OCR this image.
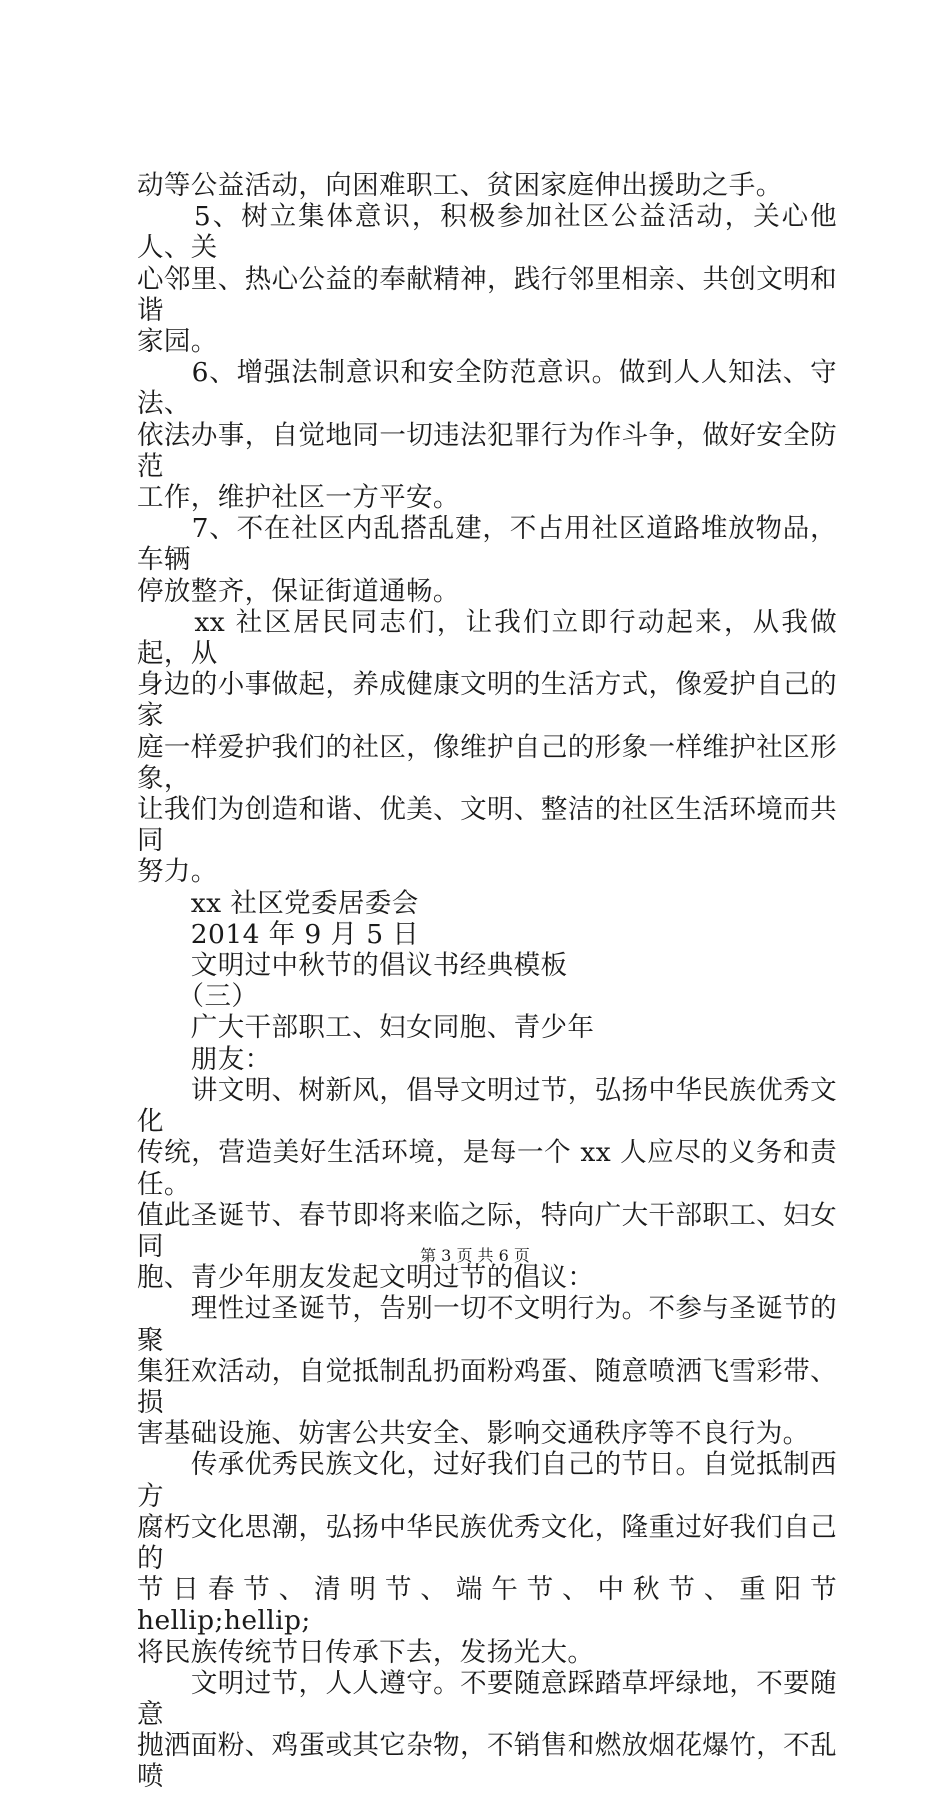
动等公益活动，向困难职工、贫困家庭伸出援助之手。

　　5、树立集体意识，积极参加社区公益活动，关心他人、关

心邻里、热心公益的奉献精神，践行邻里相亲、共创文明和谐

家园。

　　6、增强法制意识和安全防范意识。做到人人知法、守法、

依法办事，自觉地同一切违法犯罪行为作斗争，做好安全防范

工作，维护社区一方平安。

　　7、不在社区内乱搭乱建，不占用社区道路堆放物品，车辆

停放整齐，保证街道通畅。

　　xx 社区居民同志们，让我们立即行动起来，从我做起，从

身边的小事做起，养成健康文明的生活方式，像爱护自己的家

庭一样爱护我们的社区，像维护自己的形象一样维护社区形象，

让我们为创造和谐、优美、文明、整洁的社区生活环境而共同

努力。

　　xx 社区党委居委会

　　2014 年 9 月 5 日

　　文明过中秋节的倡议书经典模板

　　（三）

　　广大干部职工、妇女同胞、青少年

　　朋友：

　　讲文明、树新风，倡导文明过节，弘扬中华民族优秀文化

传统，营造美好生活环境，是每一个 xx 人应尽的义务和责任。

值此圣诞节、春节即将来临之际，特向广大干部职工、妇女同

胞、青少年朋友发起文明过节的倡议：

　　理性过圣诞节，告别一切不文明行为。不参与圣诞节的聚

集狂欢活动，自觉抵制乱扔面粉鸡蛋、随意喷洒飞雪彩带、损

害基础设施、妨害公共安全、影响交通秩序等不良行为。

　　传承优秀民族文化，过好我们自己的节日。自觉抵制西方

腐朽文化思潮，弘扬中华民族优秀文化，隆重过好我们自己的

节日春节、清明节、端午节、中秋节、重阳节 hellip;hellip;

将民族传统节日传承下去，发扬光大。

　　文明过节，人人遵守。不要随意踩踏草坪绿地，不要随意

抛洒面粉、鸡蛋或其它杂物，不销售和燃放烟花爆竹，不乱喷

第 3 页 共 6 页
